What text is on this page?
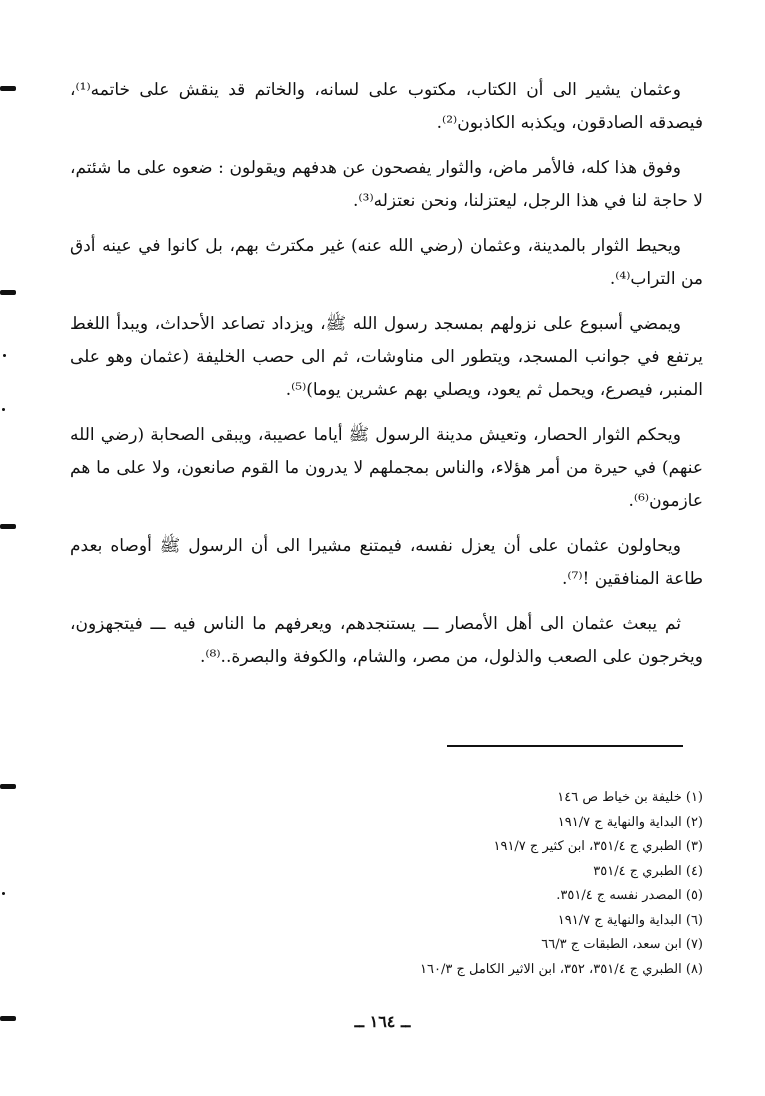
وعثمان يشير الى أن الكتاب، مكتوب على لسانه، والخاتم قد ينقش على خاتمه⁽¹⁾، فيصدقه الصادقون، ويكذبه الكاذبون⁽²⁾.

وفوق هذا كله، فالأمر ماض، والثوار يفصحون عن هدفهم ويقولون : ضعوه على ما شئتم، لا حاجة لنا في هذا الرجل، ليعتزلنا، ونحن نعتزله⁽³⁾.

ويحيط الثوار بالمدينة، وعثمان (رضي الله عنه) غير مكترث بهم، بل كانوا في عينه أدق من التراب⁽⁴⁾.

ويمضي أسبوع على نزولهم بمسجد رسول الله ﷺ، ويزداد تصاعد الأحداث، ويبدأ اللغط يرتفع في جوانب المسجد، ويتطور الى مناوشات، ثم الى حصب الخليفة (عثمان وهو على المنبر، فيصرع، ويحمل ثم يعود، ويصلي بهم عشرين يوما)⁽⁵⁾.

ويحكم الثوار الحصار، وتعيش مدينة الرسول ﷺ أياما عصيبة، ويبقى الصحابة (رضي الله عنهم) في حيرة من أمر هؤلاء، والناس بمجملهم لا يدرون ما القوم صانعون، ولا على ما هم عازمون⁽⁶⁾.

ويحاولون عثمان على أن يعزل نفسه، فيمتنع مشيرا الى أن الرسول ﷺ أوصاه بعدم طاعة المنافقين !⁽⁷⁾.

ثم يبعث عثمان الى أهل الأمصار ـــ يستنجدهم، ويعرفهم ما الناس فيه ـــ فيتجهزون، ويخرجون على الصعب والذلول، من مصر، والشام، والكوفة والبصرة..⁽⁸⁾.

(١) خليفة بن خياط ص ١٤٦
(٢) البداية والنهاية ج ١٩١/٧
(٣) الطبري ج ٣٥١/٤، ابن كثير ج ١٩١/٧
(٤) الطبري ج ٣٥١/٤
(٥) المصدر نفسه ج ٣٥١/٤.
(٦) البداية والنهاية ج ١٩١/٧
(٧) ابن سعد، الطبقات ج ٦٦/٣
(٨) الطبري ج ٣٥١/٤، ٣٥٢، ابن الاثير الكامل ج ١٦٠/٣
ــ ١٦٤ ــ
